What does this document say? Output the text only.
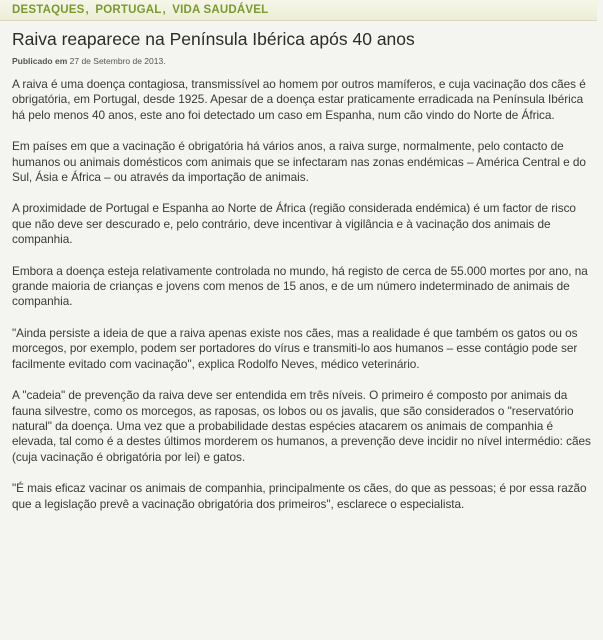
DESTAQUES, PORTUGAL, VIDA SAUDÁVEL
Raiva reaparece na Península Ibérica após 40 anos
Publicado em 27 de Setembro de 2013.

A raiva é uma doença contagiosa, transmissível ao homem por outros mamíferos, e cuja vacinação dos cães é obrigatória, em Portugal, desde 1925. Apesar de a doença estar praticamente erradicada na Península Ibérica há pelo menos 40 anos, este ano foi detectado um caso em Espanha, num cão vindo do Norte de África.

Em países em que a vacinação é obrigatória há vários anos, a raiva surge, normalmente, pelo contacto de humanos ou animais domésticos com animais que se infectaram nas zonas endémicas – América Central e do Sul, Ásia e África – ou através da importação de animais.

A proximidade de Portugal e Espanha ao Norte de África (região considerada endémica) é um factor de risco que não deve ser descurado e, pelo contrário, deve incentivar à vigilância e à vacinação dos animais de companhia.

Embora a doença esteja relativamente controlada no mundo, há registo de cerca de 55.000 mortes por ano, na grande maioria de crianças e jovens com menos de 15 anos, e de um número indeterminado de animais de companhia.

"Ainda persiste a ideia de que a raiva apenas existe nos cães, mas a realidade é que também os gatos ou os morcegos, por exemplo, podem ser portadores do vírus e transmiti-lo aos humanos – esse contágio pode ser facilmente evitado com vacinação", explica Rodolfo Neves, médico veterinário.

A "cadeia" de prevenção da raiva deve ser entendida em três níveis. O primeiro é composto por animais da fauna silvestre, como os morcegos, as raposas, os lobos ou os javalis, que são considerados o "reservatório natural" da doença. Uma vez que a probabilidade destas espécies atacarem os animais de companhia é elevada, tal como é a destes últimos morderem os humanos, a prevenção deve incidir no nível intermédio: cães (cuja vacinação é obrigatória por lei) e gatos.

"É mais eficaz vacinar os animais de companhia, principalmente os cães, do que as pessoas; é por essa razão que a legislação prevê a vacinação obrigatória dos primeiros", esclarece o especialista.
